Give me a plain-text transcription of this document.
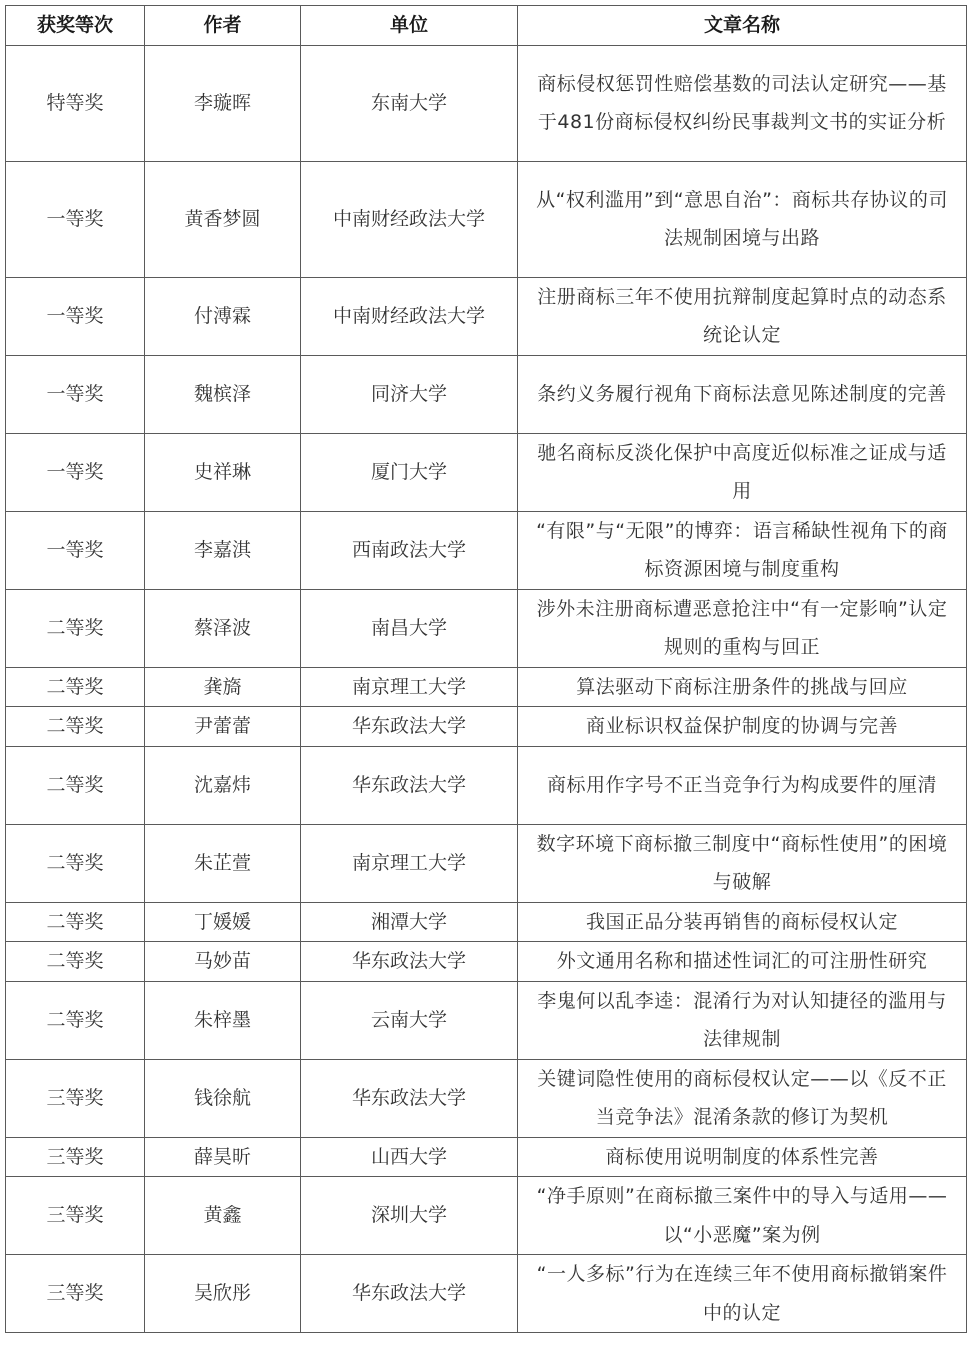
获奖等次	作者	单位	文章名称
特等奖	李璇晖	东南大学	商标侵权惩罚性赔偿基数的司法认定研究——基于481份商标侵权纠纷民事裁判文书的实证分析
一等奖	黄香梦圆	中南财经政法大学	从“权利滥用”到“意思自治”：商标共存协议的司法规制困境与出路
一等奖	付溥霖	中南财经政法大学	注册商标三年不使用抗辩制度起算时点的动态系统论认定
一等奖	魏槟泽	同济大学	条约义务履行视角下商标法意见陈述制度的完善
一等奖	史祥琳	厦门大学	驰名商标反淡化保护中高度近似标准之证成与适用
一等奖	李嘉淇	西南政法大学	“有限”与“无限”的博弈：语言稀缺性视角下的商标资源困境与制度重构
二等奖	蔡泽波	南昌大学	涉外未注册商标遭恶意抢注中“有一定影响”认定规则的重构与回正
二等奖	龚旖	南京理工大学	算法驱动下商标注册条件的挑战与回应
二等奖	尹蕾蕾	华东政法大学	商业标识权益保护制度的协调与完善
二等奖	沈嘉炜	华东政法大学	商标用作字号不正当竞争行为构成要件的厘清
二等奖	朱芷萱	南京理工大学	数字环境下商标撤三制度中“商标性使用”的困境与破解
二等奖	丁媛媛	湘潭大学	我国正品分装再销售的商标侵权认定
二等奖	马妙苗	华东政法大学	外文通用名称和描述性词汇的可注册性研究
二等奖	朱梓墨	云南大学	李鬼何以乱李逵：混淆行为对认知捷径的滥用与法律规制
三等奖	钱徐航	华东政法大学	关键词隐性使用的商标侵权认定——以《反不正当竞争法》混淆条款的修订为契机
三等奖	薛昊昕	山西大学	商标使用说明制度的体系性完善
三等奖	黄鑫	深圳大学	“净手原则”在商标撤三案件中的导入与适用——以“小恶魔”案为例
三等奖	吴欣彤	华东政法大学	“一人多标”行为在连续三年不使用商标撤销案件中的认定
